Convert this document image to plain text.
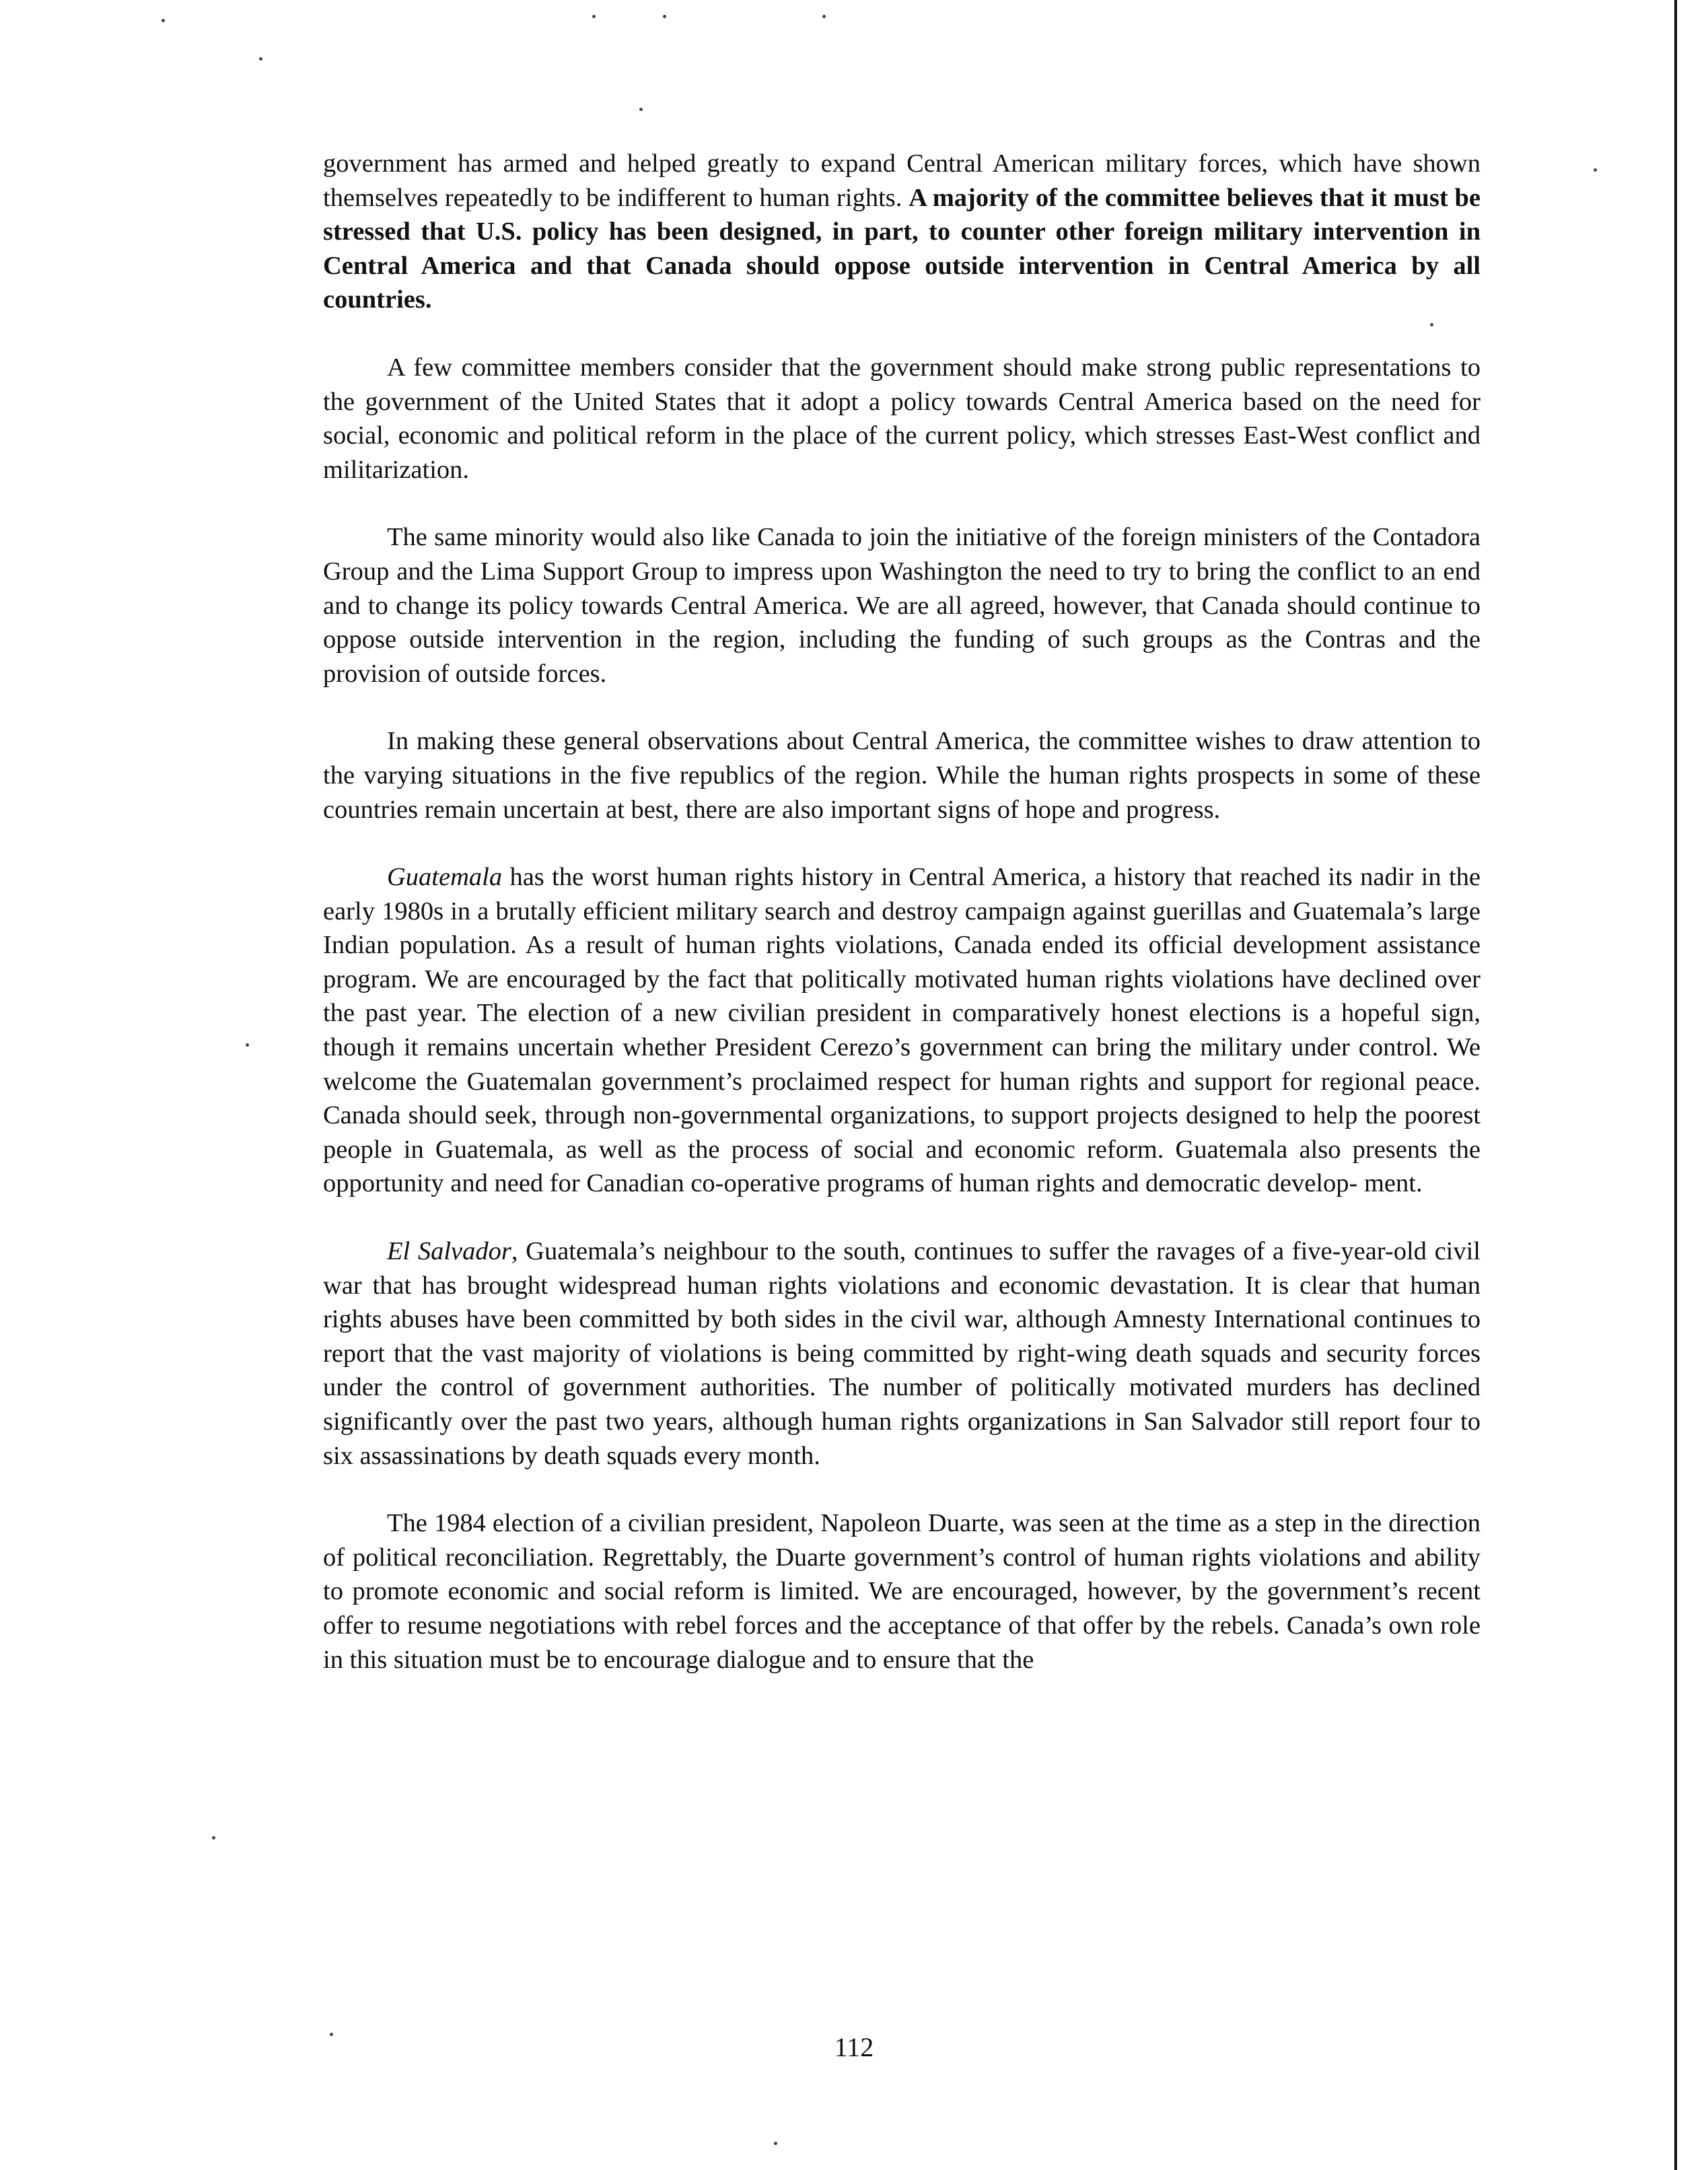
government has armed and helped greatly to expand Central American military forces, which have shown themselves repeatedly to be indifferent to human rights. A majority of the committee believes that it must be stressed that U.S. policy has been designed, in part, to counter other foreign military intervention in Central America and that Canada should oppose outside intervention in Central America by all countries.

A few committee members consider that the government should make strong public representations to the government of the United States that it adopt a policy towards Central America based on the need for social, economic and political reform in the place of the current policy, which stresses East-West conflict and militarization.

The same minority would also like Canada to join the initiative of the foreign ministers of the Contadora Group and the Lima Support Group to impress upon Washington the need to try to bring the conflict to an end and to change its policy towards Central America. We are all agreed, however, that Canada should continue to oppose outside intervention in the region, including the funding of such groups as the Contras and the provision of outside forces.

In making these general observations about Central America, the committee wishes to draw attention to the varying situations in the five republics of the region. While the human rights prospects in some of these countries remain uncertain at best, there are also important signs of hope and progress.

Guatemala has the worst human rights history in Central America, a history that reached its nadir in the early 1980s in a brutally efficient military search and destroy campaign against guerillas and Guatemala’s large Indian population. As a result of human rights violations, Canada ended its official development assistance program. We are encouraged by the fact that politically motivated human rights violations have declined over the past year. The election of a new civilian president in comparatively honest elections is a hopeful sign, though it remains uncertain whether President Cerezo’s government can bring the military under control. We welcome the Guatemalan government’s proclaimed respect for human rights and support for regional peace. Canada should seek, through non-governmental organizations, to support projects designed to help the poorest people in Guatemala, as well as the process of social and economic reform. Guatemala also presents the opportunity and need for Canadian co-operative programs of human rights and democratic develop- ment.

El Salvador, Guatemala’s neighbour to the south, continues to suffer the ravages of a five-year-old civil war that has brought widespread human rights violations and economic devastation. It is clear that human rights abuses have been committed by both sides in the civil war, although Amnesty International continues to report that the vast majority of violations is being committed by right-wing death squads and security forces under the control of government authorities. The number of politically motivated murders has declined significantly over the past two years, although human rights organizations in San Salvador still report four to six assassinations by death squads every month.

The 1984 election of a civilian president, Napoleon Duarte, was seen at the time as a step in the direction of political reconciliation. Regrettably, the Duarte government’s control of human rights violations and ability to promote economic and social reform is limited. We are encouraged, however, by the government’s recent offer to resume negotiations with rebel forces and the acceptance of that offer by the rebels. Canada’s own role in this situation must be to encourage dialogue and to ensure that the

112
